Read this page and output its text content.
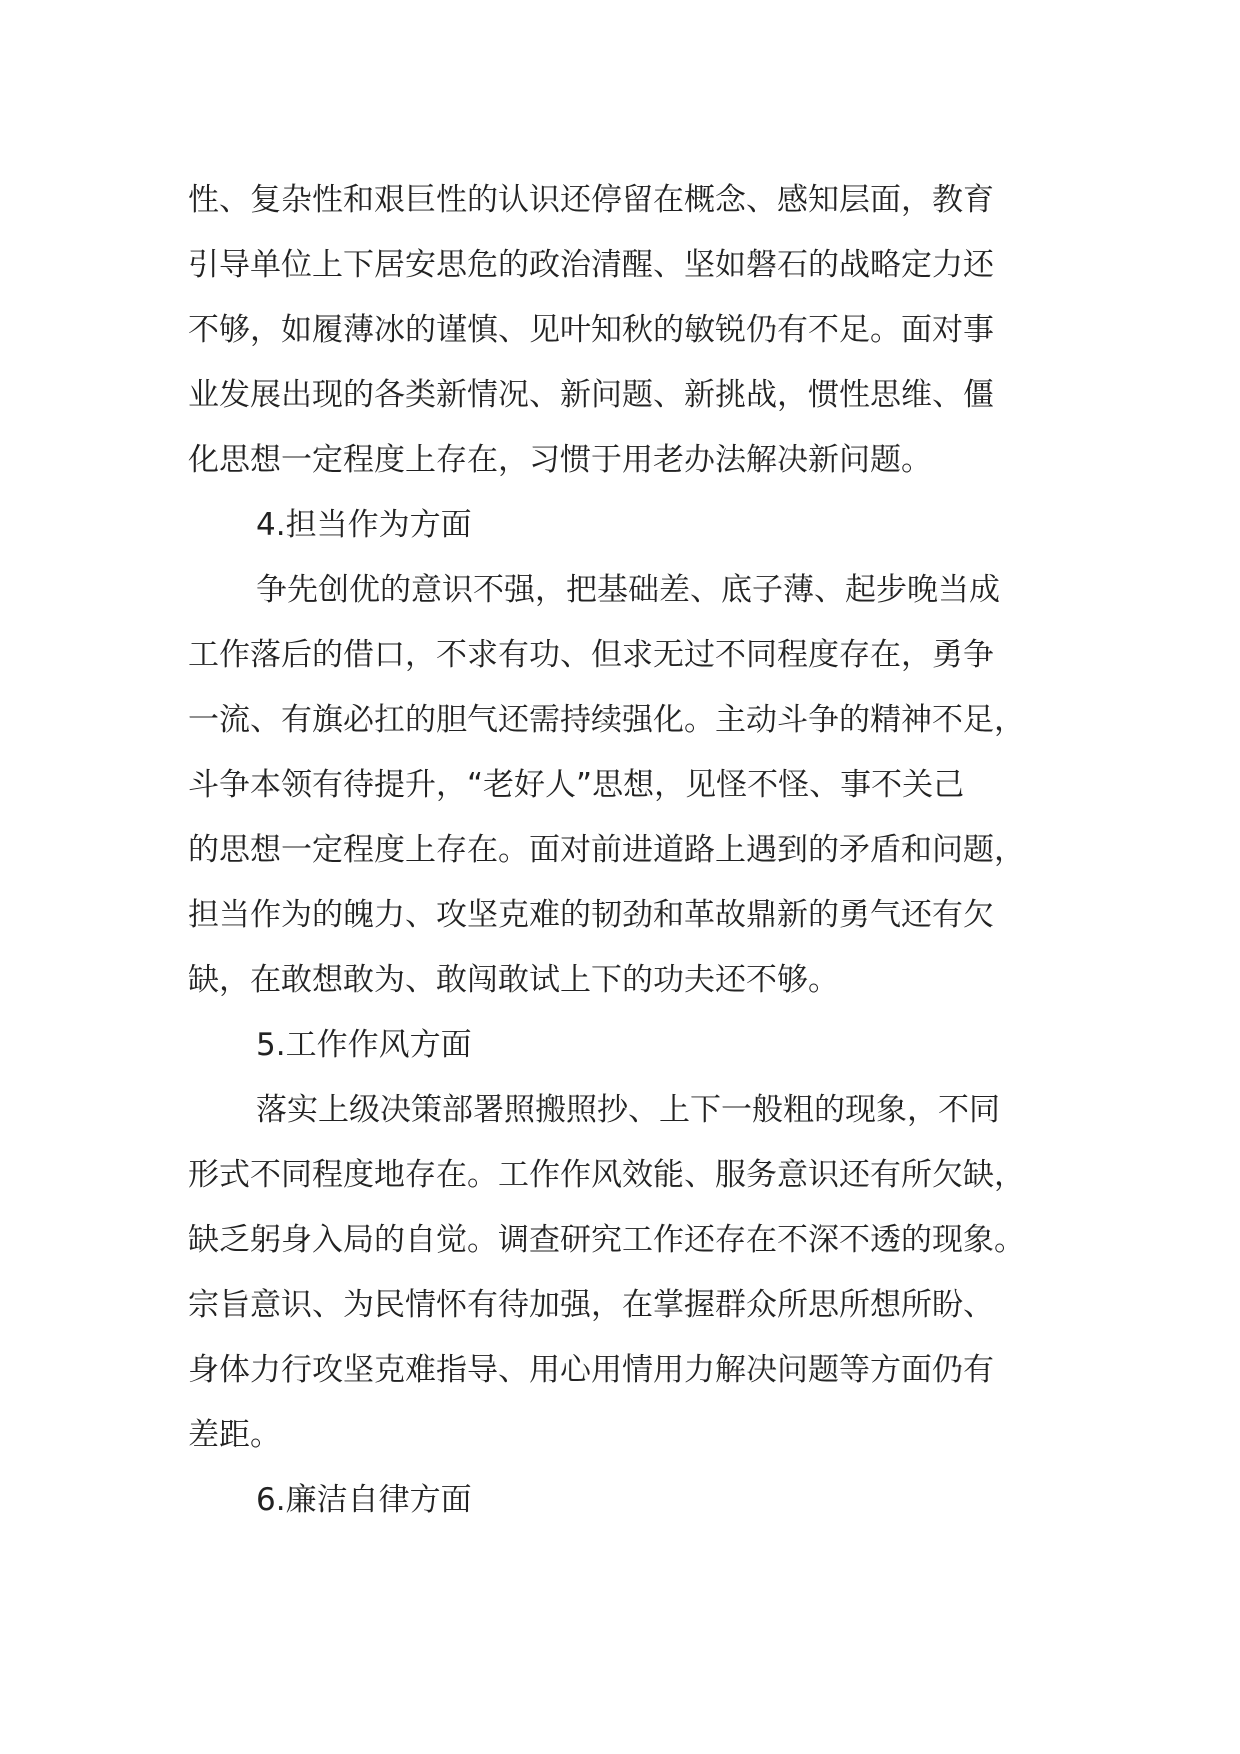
性、复杂性和艰巨性的认识还停留在概念、感知层面，教育
引导单位上下居安思危的政治清醒、坚如磐石的战略定力还
不够，如履薄冰的谨慎、见叶知秋的敏锐仍有不足。面对事
业发展出现的各类新情况、新问题、新挑战，惯性思维、僵
化思想一定程度上存在，习惯于用老办法解决新问题。
4.担当作为方面
争先创优的意识不强，把基础差、底子薄、起步晚当成
工作落后的借口，不求有功、但求无过不同程度存在，勇争
一流、有旗必扛的胆气还需持续强化。主动斗争的精神不足，
斗争本领有待提升，“老好人”思想，见怪不怪、事不关己
的思想一定程度上存在。面对前进道路上遇到的矛盾和问题，
担当作为的魄力、攻坚克难的韧劲和革故鼎新的勇气还有欠
缺，在敢想敢为、敢闯敢试上下的功夫还不够。
5.工作作风方面
落实上级决策部署照搬照抄、上下一般粗的现象，不同
形式不同程度地存在。工作作风效能、服务意识还有所欠缺，
缺乏躬身入局的自觉。调查研究工作还存在不深不透的现象。
宗旨意识、为民情怀有待加强，在掌握群众所思所想所盼、
身体力行攻坚克难指导、用心用情用力解决问题等方面仍有
差距。
6.廉洁自律方面
